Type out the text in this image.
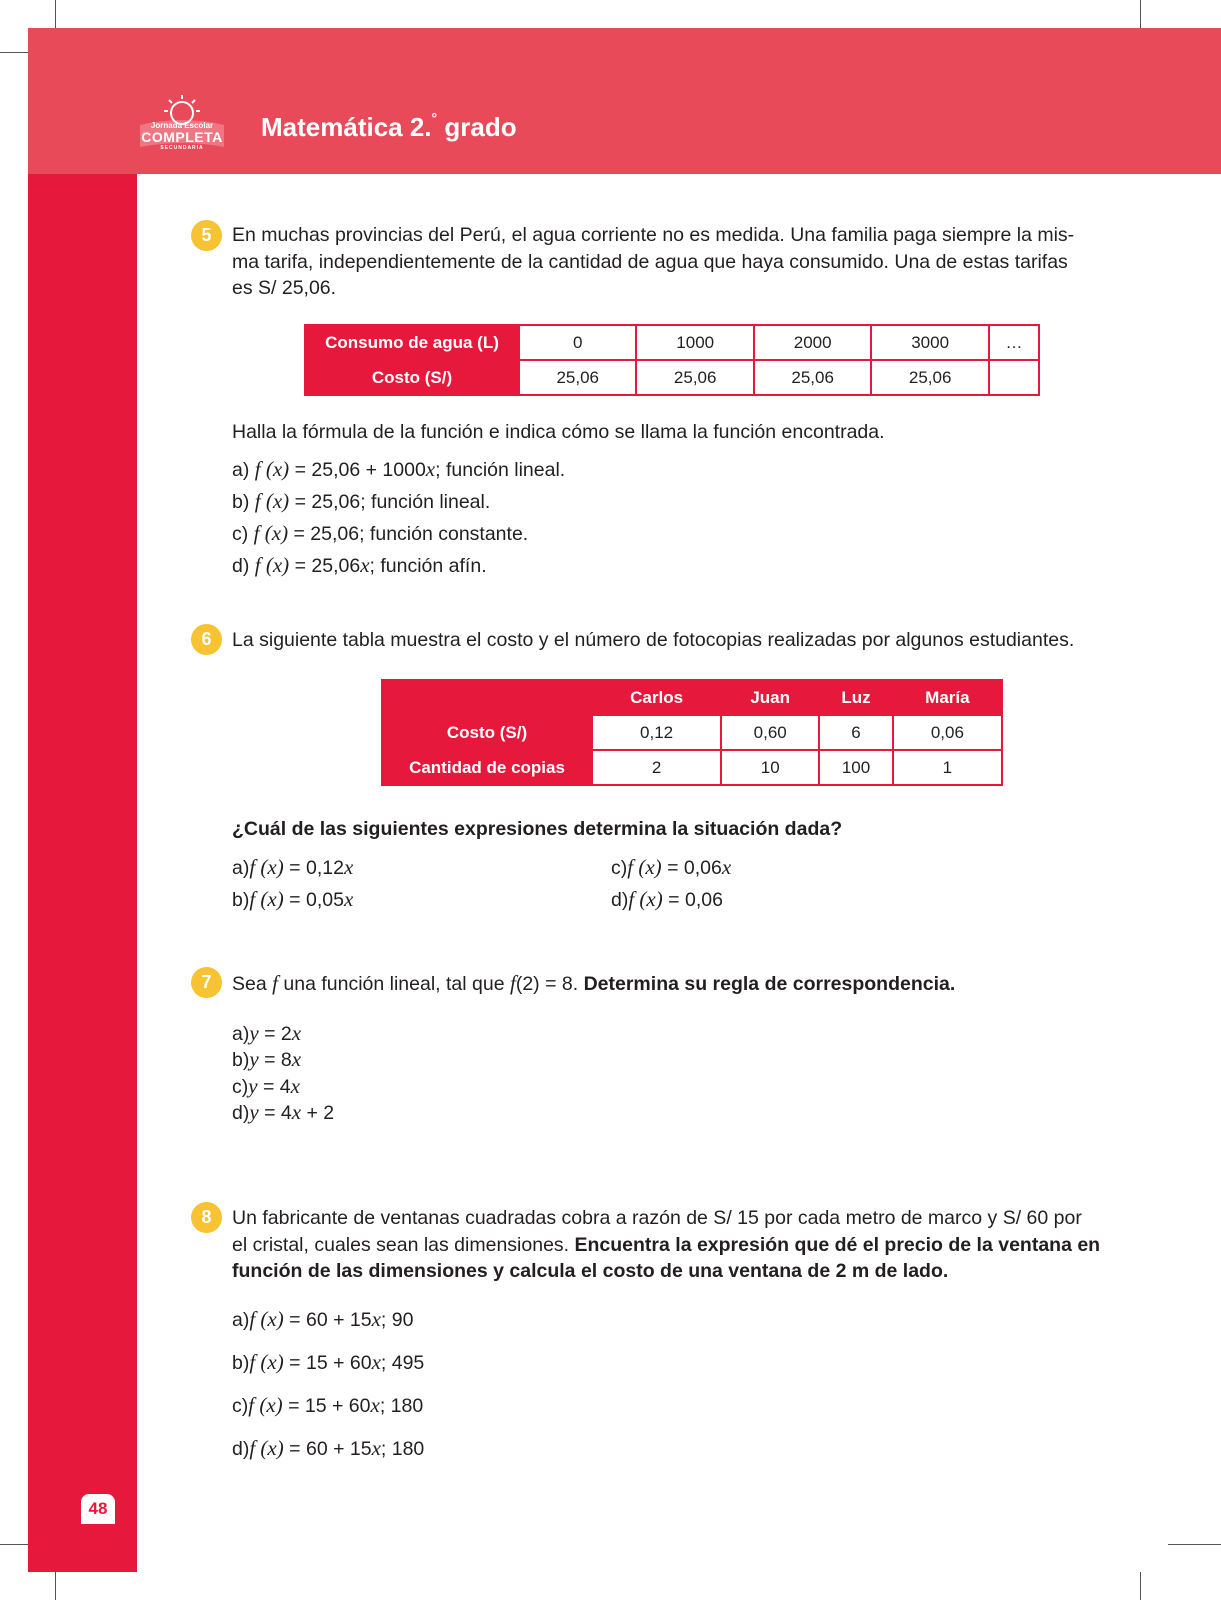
Jornada Escolar
COMPLETA
SECUNDARIA
Matemática 2.° grado
48
5	En muchas provincias del Perú, el agua corriente no es medida. Una familia paga siempre la mis-
ma tarifa, independientemente de la cantidad de agua que haya consumido. Una de estas tarifas
es S/ 25,06.
Consumo de agua (L)	0	1000	2000	3000	…
Costo (S/)	25,06	25,06	25,06	25,06	
Halla la fórmula de la función e indica cómo se llama la función encontrada.
a) f (x) = 25,06 + 1000x; función lineal.
b) f (x) = 25,06; función lineal.
c) f (x) = 25,06; función constante.
d) f (x) = 25,06x; función afín.
6	La siguiente tabla muestra el costo y el número de fotocopias realizadas por algunos estudiantes.
	Carlos	Juan	Luz	María
Costo (S/)	0,12	0,60	6	0,06
Cantidad de copias	2	10	100	1
¿Cuál de las siguientes expresiones determina la situación dada?
a)f (x) = 0,12x
b)f (x) = 0,05x
c)f (x) = 0,06x
d)f (x) = 0,06
7	Sea f una función lineal, tal que f(2) = 8. Determina su regla de correspondencia.
a)y = 2x
b)y = 8x
c)y = 4x
d)y = 4x + 2
8	Un fabricante de ventanas cuadradas cobra a razón de S/ 15 por cada metro de marco y S/ 60 por
el cristal, cuales sean las dimensiones. Encuentra la expresión que dé el precio de la ventana en
función de las dimensiones y calcula el costo de una ventana de 2 m de lado.
a)f (x) = 60 + 15x; 90
b)f (x) = 15 + 60x; 495
c)f (x) = 15 + 60x; 180
d)f (x) = 60 + 15x; 180
